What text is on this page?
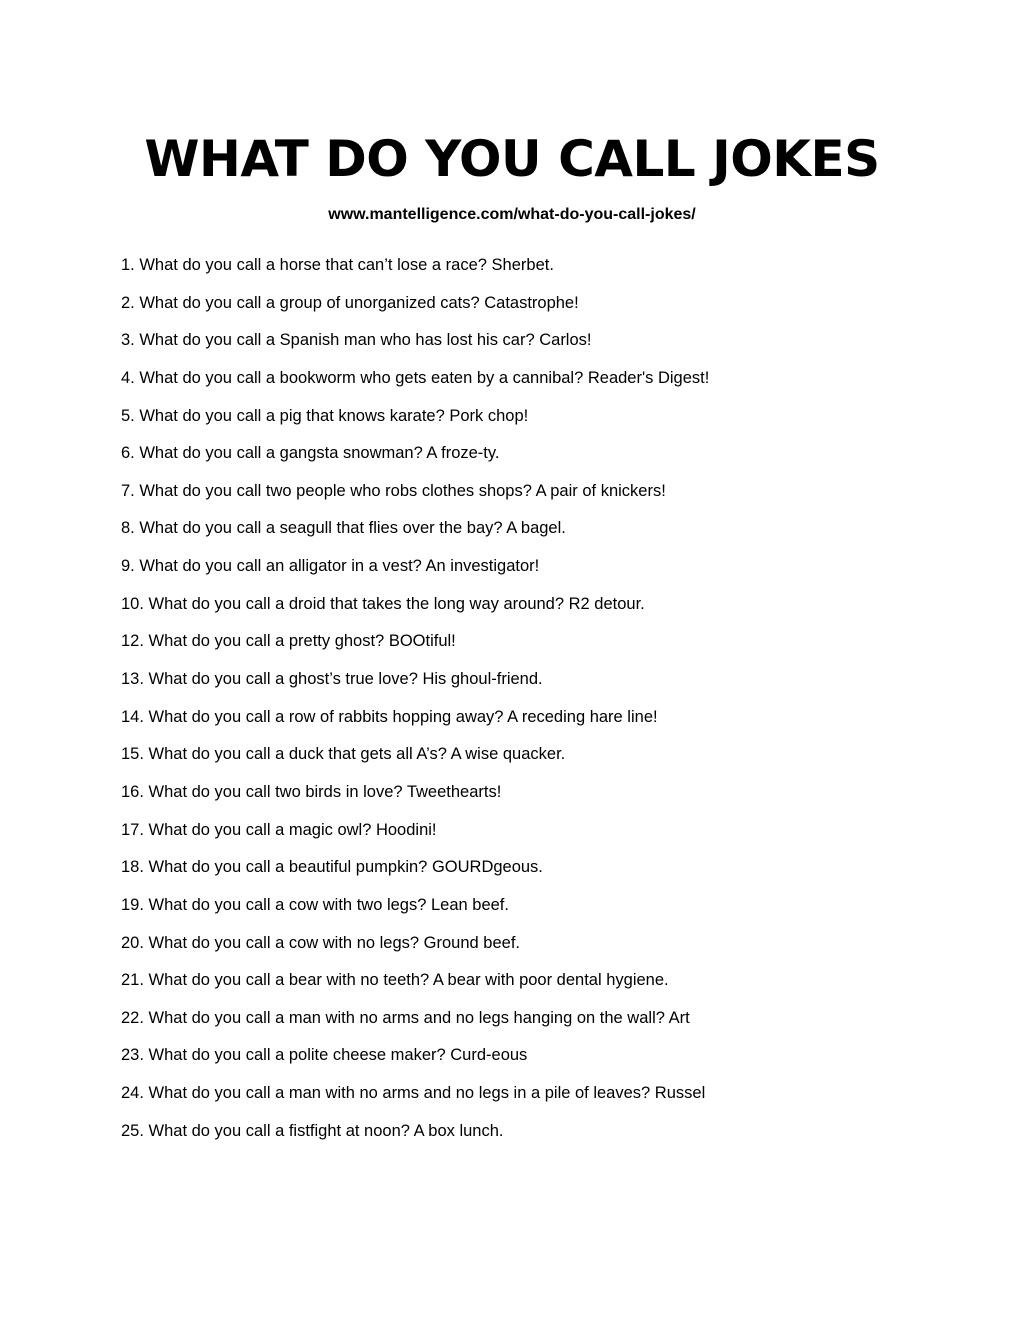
WHAT DO YOU CALL JOKES
www.mantelligence.com/what-do-you-call-jokes/
1. What do you call a horse that can’t lose a race? Sherbet.
2. What do you call a group of unorganized cats? Catastrophe!
3. What do you call a Spanish man who has lost his car? Carlos!
4. What do you call a bookworm who gets eaten by a cannibal? Reader's Digest!
5. What do you call a pig that knows karate? Pork chop!
6. What do you call a gangsta snowman? A froze-ty.
7. What do you call two people who robs clothes shops? A pair of knickers!
8. What do you call a seagull that flies over the bay? A bagel.
9. What do you call an alligator in a vest? An investigator!
10. What do you call a droid that takes the long way around? R2 detour.
12. What do you call a pretty ghost? BOOtiful!
13. What do you call a ghost’s true love? His ghoul-friend.
14. What do you call a row of rabbits hopping away? A receding hare line!
15. What do you call a duck that gets all A’s? A wise quacker.
16. What do you call two birds in love? Tweethearts!
17. What do you call a magic owl? Hoodini!
18. What do you call a beautiful pumpkin? GOURDgeous.
19. What do you call a cow with two legs? Lean beef.
20. What do you call a cow with no legs? Ground beef.
21. What do you call a bear with no teeth? A bear with poor dental hygiene.
22. What do you call a man with no arms and no legs hanging on the wall? Art
23. What do you call a polite cheese maker? Curd-eous
24. What do you call a man with no arms and no legs in a pile of leaves? Russel
25. What do you call a fistfight at noon? A box lunch.
